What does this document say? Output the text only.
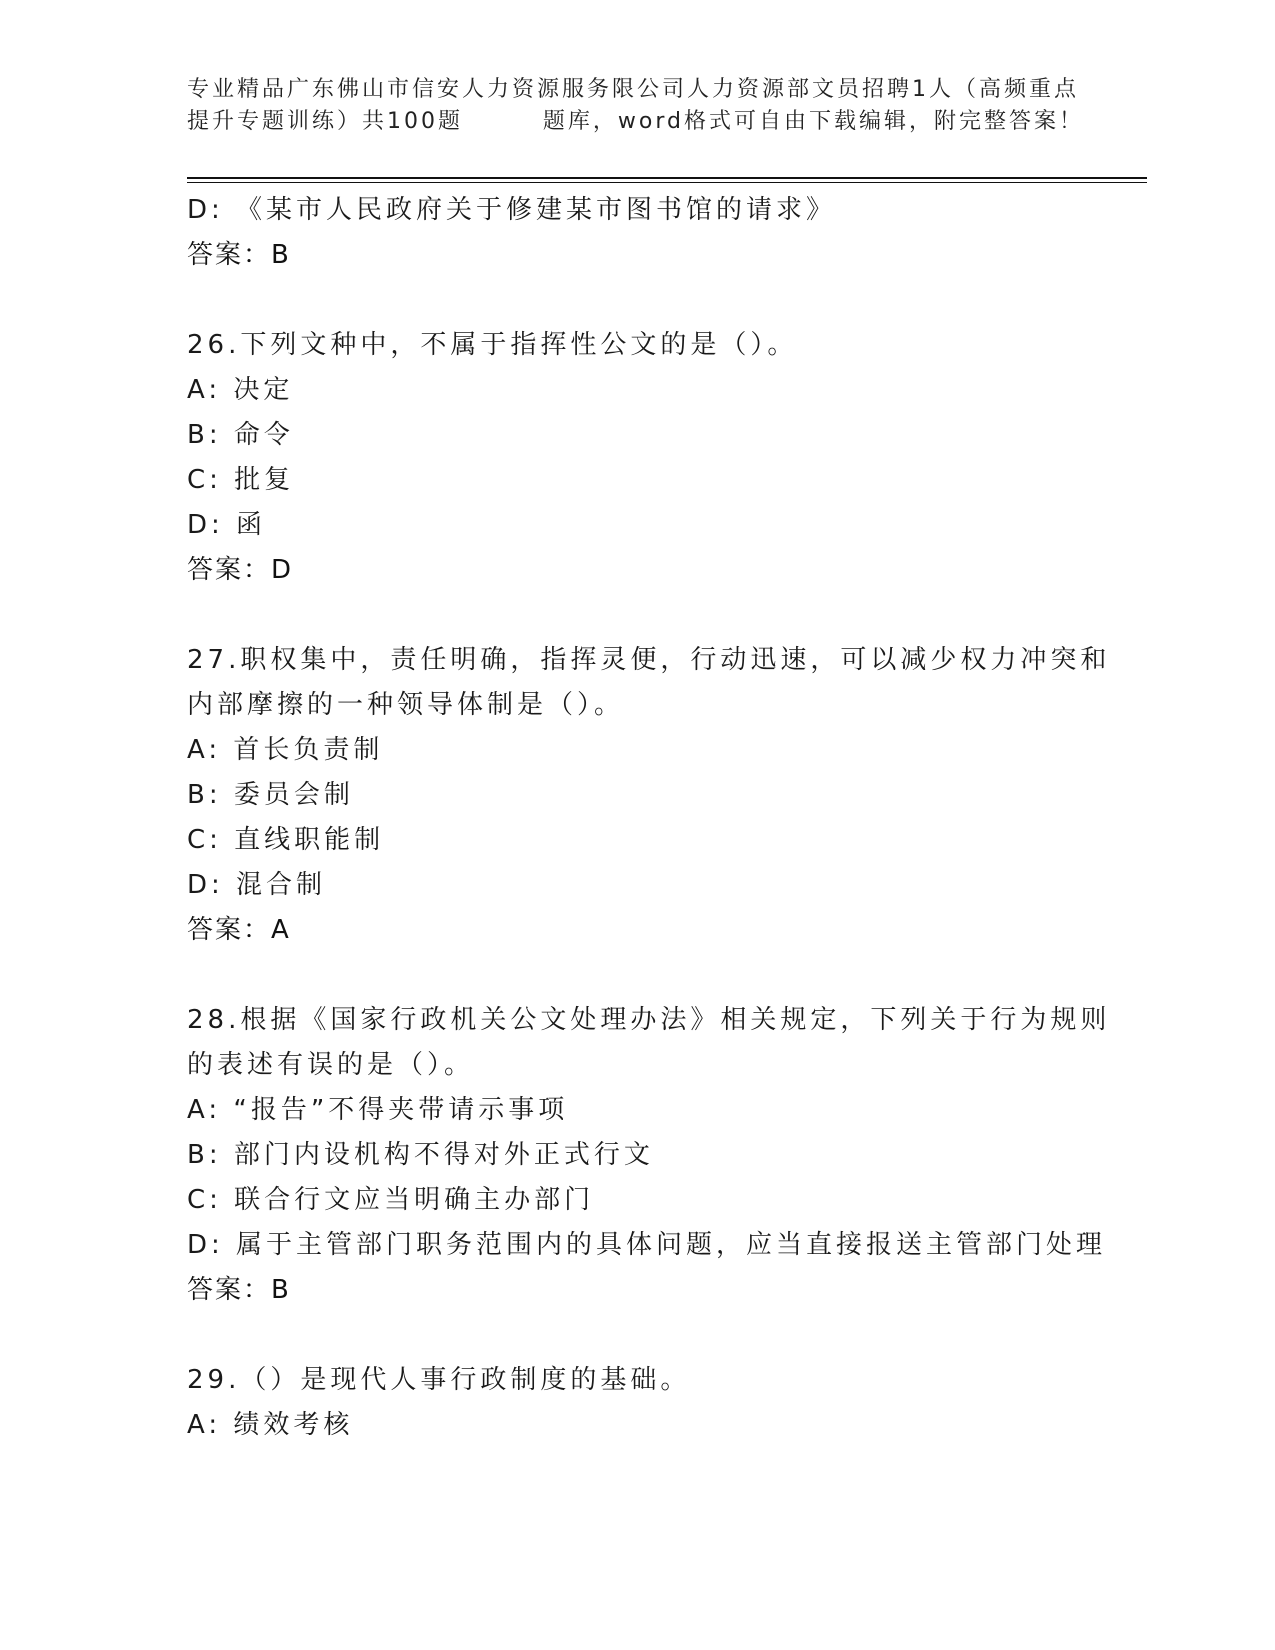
专业精品广东佛山市信安人力资源服务限公司人力资源部文员招聘1人（高频重点
提升专题训练）共100题        题库，word格式可自由下载编辑，附完整答案！
D: 《某市人民政府关于修建某市图书馆的请求》
答案：B
26.下列文种中，不属于指挥性公文的是（）。
A: 决定
B: 命令
C: 批复
D: 函
答案：D
27.职权集中，责任明确，指挥灵便，行动迅速，可以减少权力冲突和
内部摩擦的一种领导体制是（）。
A: 首长负责制
B: 委员会制
C: 直线职能制
D: 混合制
答案：A
28.根据《国家行政机关公文处理办法》相关规定，下列关于行为规则
的表述有误的是（）。
A: “报告”不得夹带请示事项
B: 部门内设机构不得对外正式行文
C: 联合行文应当明确主办部门
D: 属于主管部门职务范围内的具体问题，应当直接报送主管部门处理
答案：B
29.（）是现代人事行政制度的基础。
A: 绩效考核
